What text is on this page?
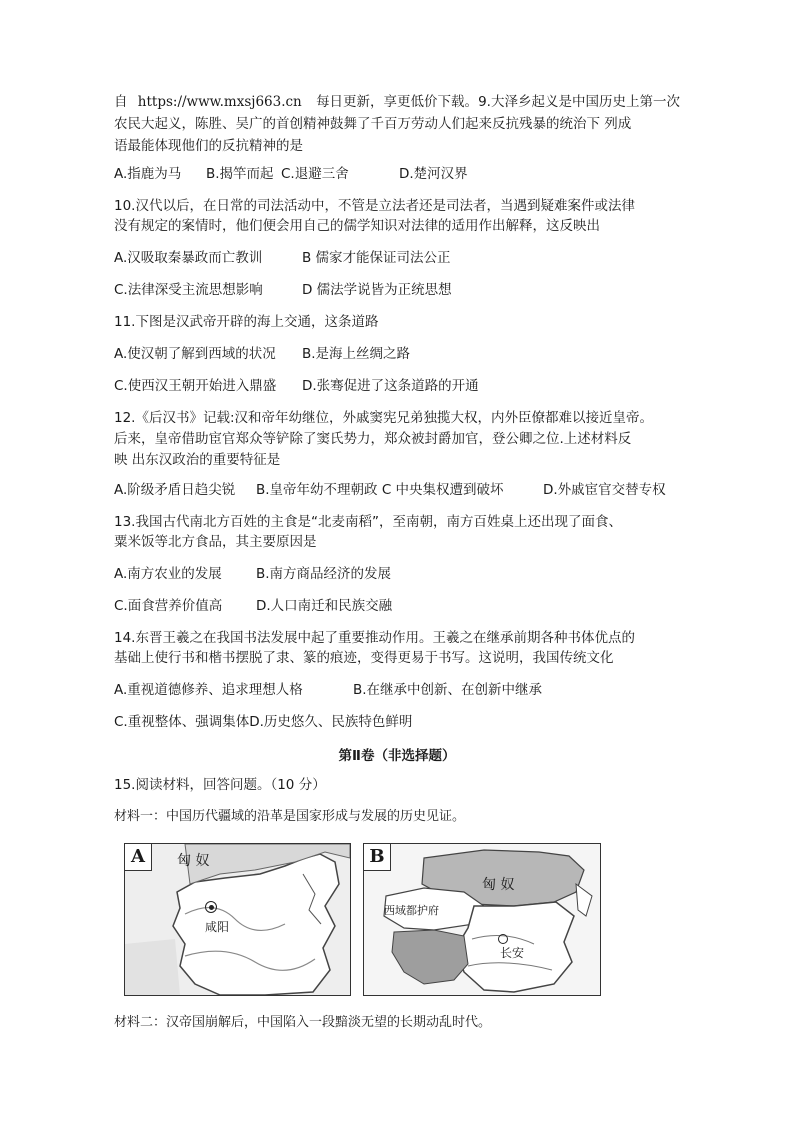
自 https://www.mxsj663.cn 每日更新，享更低价下载。9.大泽乡起义是中国历史上第一次
农民大起义，陈胜、吴广的首创精神鼓舞了千百万劳动人们起来反抗残暴的统治下 列成
语最能体现他们的反抗精神的是
A.指鹿为马 B.揭竿而起 C.退避三舍	D.楚河汉界
10.汉代以后，在日常的司法活动中，不管是立法者还是司法者，当遇到疑难案件或法律
没有规定的案情时，他们便会用自己的儒学知识对法律的适用作出解释，这反映出
A.汉吸取秦暴政而亡教训	B 儒家才能保证司法公正
C.法律深受主流思想影响	D 儒法学说皆为正统思想
11.下图是汉武帝开辟的海上交通，这条道路
A.使汉朝了解到西域的状况 B.是海上丝绸之路
C.使西汉王朝开始进入鼎盛 D.张骞促进了这条道路的开通
12.《后汉书》记载:汉和帝年幼继位，外戚窦宪兄弟独揽大权，内外臣僚都难以接近皇帝。
后来，皇帝借助宦官郑众等铲除了窦氏势力，郑众被封爵加官，登公卿之位.上述材料反
映 出东汉政治的重要特征是
A.阶级矛盾日趋尖锐 B.皇帝年幼不理朝政 C 中央集权遭到破坏	D.外戚宦官交替专权
13.我国古代南北方百姓的主食是“北麦南稻”，至南朝，南方百姓桌上还出现了面食、
粟米饭等北方食品，其主要原因是
A.南方农业的发展	B.南方商品经济的发展
C.面食营养价值高	D.人口南迁和民族交融
14.东晋王羲之在我国书法发展中起了重要推动作用。王羲之在继承前期各种书体优点的
基础上使行书和楷书摆脱了隶、篆的痕迹，变得更易于书写。这说明，我国传统文化
A.重视道德修养、追求理想人格	B.在继承中创新、在创新中继承
C.重视整体、强调集体D.历史悠久、民族特色鲜明
第Ⅱ卷（非选择题）
15.阅读材料，回答问题。（10 分）
材料一：中国历代疆域的沿革是国家形成与发展的历史见证。
A	匈 奴
咸阳
B
匈 奴
西域都护府
长安
材料二：汉帝国崩解后，中国陷入一段黯淡无望的长期动乱时代。
